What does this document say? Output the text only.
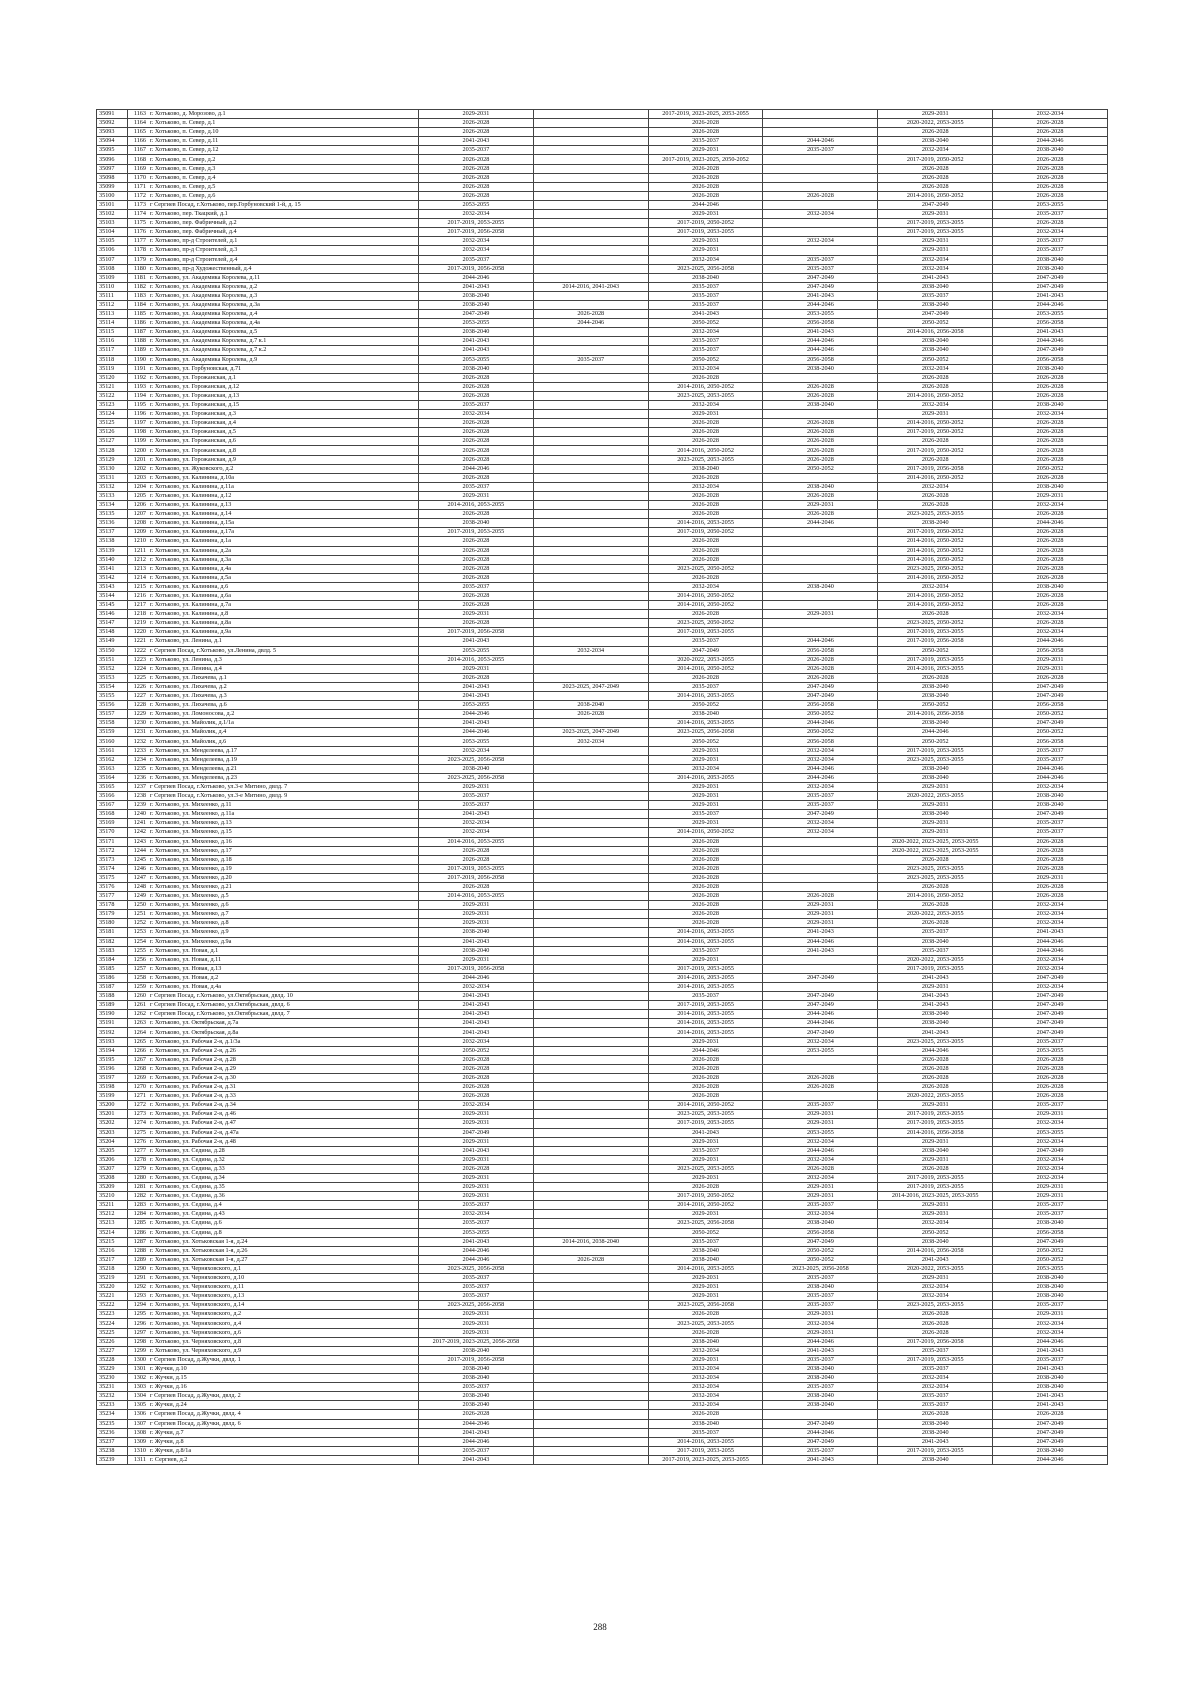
35091	1163	г. Хотьково, д. Морозово, д.1	2029-2031		2017-2019, 2023-2025, 2053-2055		2029-2031	2032-2034
35092	1164	г. Хотьково, п. Север, д.1	2026-2028		2026-2028		2020-2022, 2053-2055	2026-2028
35093	1165	г. Хотьково, п. Север, д.10	2026-2028		2026-2028		2026-2028	2026-2028
35094	1166	г. Хотьково, п. Север, д.11	2041-2043		2035-2037	2044-2046	2038-2040	2044-2046
35095	1167	г. Хотьково, п. Север, д.12	2035-2037		2029-2031	2035-2037	2032-2034	2038-2040
35096	1168	г. Хотьково, п. Север, д.2	2026-2028		2017-2019, 2023-2025, 2050-2052		2017-2019, 2050-2052	2026-2028
35097	1169	г. Хотьково, п. Север, д.3	2026-2028		2026-2028		2026-2028	2026-2028
35098	1170	г. Хотьково, п. Север, д.4	2026-2028		2026-2028		2026-2028	2026-2028
35099	1171	г. Хотьково, п. Север, д.5	2026-2028		2026-2028		2026-2028	2026-2028
35100	1172	г. Хотьково, п. Север, д.6	2026-2028		2026-2028	2026-2028	2014-2016, 2050-2052	2026-2028
35101	1173	г Сергиев Посад, г.Хотьково, пер.Горбуновский 1-й, д. 15	2053-2055		2044-2046		2047-2049	2053-2055
35102	1174	г. Хотьково, пер. Ткацкий, д.1	2032-2034		2029-2031	2032-2034	2029-2031	2035-2037
35103	1175	г. Хотьково, пер. Фабричный, д.2	2017-2019, 2053-2055		2017-2019, 2050-2052		2017-2019, 2053-2055	2026-2028
35104	1176	г. Хотьково, пер. Фабричный, д.4	2017-2019, 2056-2058		2017-2019, 2053-2055		2017-2019, 2053-2055	2032-2034
35105	1177	г. Хотьково, пр-д Строителей, д.1	2032-2034		2029-2031	2032-2034	2029-2031	2035-2037
35106	1178	г. Хотьково, пр-д Строителей, д.3	2032-2034		2029-2031		2029-2031	2035-2037
35107	1179	г. Хотьково, пр-д Строителей, д.4	2035-2037		2032-2034	2035-2037	2032-2034	2038-2040
35108	1180	г. Хотьково, пр-д Художественный, д.4	2017-2019, 2056-2058		2023-2025, 2056-2058	2035-2037	2032-2034	2038-2040
35109	1181	г. Хотьково, ул. Академика Королева, д.11	2044-2046		2038-2040	2047-2049	2041-2043	2047-2049
35110	1182	г. Хотьково, ул. Академика Королева, д.2	2041-2043	2014-2016, 2041-2043	2035-2037	2047-2049	2038-2040	2047-2049
35111	1183	г. Хотьково, ул. Академика Королева, д.3	2038-2040		2035-2037	2041-2043	2035-2037	2041-2043
35112	1184	г. Хотьково, ул. Академика Королева, д.3а	2038-2040		2035-2037	2044-2046	2038-2040	2044-2046
35113	1185	г. Хотьково, ул. Академика Королева, д.4	2047-2049	2026-2028	2041-2043	2053-2055	2047-2049	2053-2055
35114	1186	г. Хотьково, ул. Академика Королева, д.4а	2053-2055	2044-2046	2050-2052	2056-2058	2050-2052	2056-2058
35115	1187	г. Хотьково, ул. Академика Королева, д.5	2038-2040		2032-2034	2041-2043	2014-2016, 2056-2058	2041-2043
35116	1188	г. Хотьково, ул. Академика Королева, д.7 к.1	2041-2043		2035-2037	2044-2046	2038-2040	2044-2046
35117	1189	г. Хотьково, ул. Академика Королева, д.7 к.2	2041-2043		2035-2037	2044-2046	2038-2040	2047-2049
35118	1190	г. Хотьково, ул. Академика Королева, д.9	2053-2055	2035-2037	2050-2052	2056-2058	2050-2052	2056-2058
35119	1191	г. Хотьково, ул. Горбуновская, д.71	2038-2040		2032-2034	2038-2040	2032-2034	2038-2040
35120	1192	г. Хотьково, ул. Горожанская, д.1	2026-2028		2026-2028		2026-2028	2026-2028
35121	1193	г. Хотьково, ул. Горожанская, д.12	2026-2028		2014-2016, 2050-2052	2026-2028	2026-2028	2026-2028
35122	1194	г. Хотьково, ул. Горожанская, д.13	2026-2028		2023-2025, 2053-2055	2026-2028	2014-2016, 2050-2052	2026-2028
35123	1195	г. Хотьково, ул. Горожанская, д.15	2035-2037		2032-2034	2038-2040	2032-2034	2038-2040
35124	1196	г. Хотьково, ул. Горожанская, д.3	2032-2034		2029-2031		2029-2031	2032-2034
35125	1197	г. Хотьково, ул. Горожанская, д.4	2026-2028		2026-2028	2026-2028	2014-2016, 2050-2052	2026-2028
35126	1198	г. Хотьково, ул. Горожанская, д.5	2026-2028		2026-2028	2026-2028	2017-2019, 2050-2052	2026-2028
35127	1199	г. Хотьково, ул. Горожанская, д.6	2026-2028		2026-2028	2026-2028	2026-2028	2026-2028
35128	1200	г. Хотьково, ул. Горожанская, д.8	2026-2028		2014-2016, 2050-2052	2026-2028	2017-2019, 2050-2052	2026-2028
35129	1201	г. Хотьково, ул. Горожанская, д.9	2026-2028		2023-2025, 2053-2055	2026-2028	2026-2028	2026-2028
35130	1202	г. Хотьково, ул. Жуковского, д.2	2044-2046		2038-2040	2050-2052	2017-2019, 2056-2058	2050-2052
35131	1203	г. Хотьково, ул. Калинина, д.10а	2026-2028		2026-2028		2014-2016, 2050-2052	2026-2028
35132	1204	г. Хотьково, ул. Калинина, д.11а	2035-2037		2032-2034	2038-2040	2032-2034	2038-2040
35133	1205	г. Хотьково, ул. Калинина, д.12	2029-2031		2026-2028	2026-2028	2026-2028	2029-2031
35134	1206	г. Хотьково, ул. Калинина, д.13	2014-2016, 2053-2055		2026-2028	2029-2031	2026-2028	2032-2034
35135	1207	г. Хотьково, ул. Калинина, д.14	2026-2028		2026-2028	2026-2028	2023-2025, 2053-2055	2026-2028
35136	1208	г. Хотьково, ул. Калинина, д.15а	2038-2040		2014-2016, 2053-2055	2044-2046	2038-2040	2044-2046
35137	1209	г. Хотьково, ул. Калинина, д.17а	2017-2019, 2053-2055		2017-2019, 2050-2052		2017-2019, 2050-2052	2026-2028
35138	1210	г. Хотьково, ул. Калинина, д.1а	2026-2028		2026-2028		2014-2016, 2050-2052	2026-2028
35139	1211	г. Хотьково, ул. Калинина, д.2а	2026-2028		2026-2028		2014-2016, 2050-2052	2026-2028
35140	1212	г. Хотьково, ул. Калинина, д.3а	2026-2028		2026-2028		2014-2016, 2050-2052	2026-2028
35141	1213	г. Хотьково, ул. Калинина, д.4а	2026-2028		2023-2025, 2050-2052		2023-2025, 2050-2052	2026-2028
35142	1214	г. Хотьково, ул. Калинина, д.5а	2026-2028		2026-2028		2014-2016, 2050-2052	2026-2028
35143	1215	г. Хотьково, ул. Калинина, д.6	2035-2037		2032-2034	2038-2040	2032-2034	2038-2040
35144	1216	г. Хотьково, ул. Калинина, д.6а	2026-2028		2014-2016, 2050-2052		2014-2016, 2050-2052	2026-2028
35145	1217	г. Хотьково, ул. Калинина, д.7а	2026-2028		2014-2016, 2050-2052		2014-2016, 2050-2052	2026-2028
35146	1218	г. Хотьково, ул. Калинина, д.8	2029-2031		2026-2028	2029-2031	2026-2028	2032-2034
35147	1219	г. Хотьково, ул. Калинина, д.8а	2026-2028		2023-2025, 2050-2052		2023-2025, 2050-2052	2026-2028
35148	1220	г. Хотьково, ул. Калинина, д.9а	2017-2019, 2056-2058		2017-2019, 2053-2055		2017-2019, 2053-2055	2032-2034
35149	1221	г. Хотьково, ул. Ленина, д.1	2041-2043		2035-2037	2044-2046	2017-2019, 2056-2058	2044-2046
35150	1222	г Сергиев Посад, г.Хотьково, ул.Ленина, двлд. 5	2053-2055	2032-2034	2047-2049	2056-2058	2050-2052	2056-2058
35151	1223	г. Хотьково, ул. Ленина, д.3	2014-2016, 2053-2055		2020-2022, 2053-2055	2026-2028	2017-2019, 2053-2055	2029-2031
35152	1224	г. Хотьково, ул. Ленина, д.4	2029-2031		2014-2016, 2050-2052	2026-2028	2014-2016, 2053-2055	2029-2031
35153	1225	г. Хотьково, ул. Лихачева, д.1	2026-2028		2026-2028	2026-2028	2026-2028	2026-2028
35154	1226	г. Хотьково, ул. Лихачева, д.2	2041-2043	2023-2025, 2047-2049	2035-2037	2047-2049	2038-2040	2047-2049
35155	1227	г. Хотьково, ул. Лихачева, д.3	2041-2043		2014-2016, 2053-2055	2047-2049	2038-2040	2047-2049
35156	1228	г. Хотьково, ул. Лихачева, д.6	2053-2055	2038-2040	2050-2052	2056-2058	2050-2052	2056-2058
35157	1229	г. Хотьково, ул. Ломоносова, д.2	2044-2046	2026-2028	2038-2040	2050-2052	2014-2016, 2056-2058	2050-2052
35158	1230	г. Хотьково, ул. Майолик, д.1/1а	2041-2043		2014-2016, 2053-2055	2044-2046	2038-2040	2047-2049
35159	1231	г. Хотьково, ул. Майолик, д.4	2044-2046	2023-2025, 2047-2049	2023-2025, 2056-2058	2050-2052	2044-2046	2050-2052
35160	1232	г. Хотьково, ул. Майолик, д.6	2053-2055	2032-2034	2050-2052	2056-2058	2050-2052	2056-2058
35161	1233	г. Хотьково, ул. Менделеева, д.17	2032-2034		2029-2031	2032-2034	2017-2019, 2053-2055	2035-2037
35162	1234	г. Хотьково, ул. Менделеева, д.19	2023-2025, 2056-2058		2029-2031	2032-2034	2023-2025, 2053-2055	2035-2037
35163	1235	г. Хотьково, ул. Менделеева, д.21	2038-2040		2032-2034	2044-2046	2038-2040	2044-2046
35164	1236	г. Хотьково, ул. Менделеева, д.23	2023-2025, 2056-2058		2014-2016, 2053-2055	2044-2046	2038-2040	2044-2046
35165	1237	г Сергиев Посад, г.Хотьково, ул.3-е Митино, двлд. 7	2029-2031		2029-2031	2032-2034	2029-2031	2032-2034
35166	1238	г Сергиев Посад, г.Хотьково, ул.3-е Митино, двлд. 9	2035-2037		2029-2031	2035-2037	2020-2022, 2053-2055	2038-2040
35167	1239	г. Хотьково, ул. Михеенко, д.11	2035-2037		2029-2031	2035-2037	2029-2031	2038-2040
35168	1240	г. Хотьково, ул. Михеенко, д.11а	2041-2043		2035-2037	2047-2049	2038-2040	2047-2049
35169	1241	г. Хотьково, ул. Михеенко, д.13	2032-2034		2029-2031	2032-2034	2029-2031	2035-2037
35170	1242	г. Хотьково, ул. Михеенко, д.15	2032-2034		2014-2016, 2050-2052	2032-2034	2029-2031	2035-2037
35171	1243	г. Хотьково, ул. Михеенко, д.16	2014-2016, 2053-2055		2026-2028		2020-2022, 2023-2025, 2053-2055	2026-2028
35172	1244	г. Хотьково, ул. Михеенко, д.17	2026-2028		2026-2028		2020-2022, 2023-2025, 2053-2055	2026-2028
35173	1245	г. Хотьково, ул. Михеенко, д.18	2026-2028		2026-2028		2026-2028	2026-2028
35174	1246	г. Хотьково, ул. Михеенко, д.19	2017-2019, 2053-2055		2026-2028		2023-2025, 2053-2055	2026-2028
35175	1247	г. Хотьково, ул. Михеенко, д.20	2017-2019, 2056-2058		2026-2028		2023-2025, 2053-2055	2029-2031
35176	1248	г. Хотьково, ул. Михеенко, д.21	2026-2028		2026-2028		2026-2028	2026-2028
35177	1249	г. Хотьково, ул. Михеенко, д.5	2014-2016, 2053-2055		2026-2028	2026-2028	2014-2016, 2050-2052	2026-2028
35178	1250	г. Хотьково, ул. Михеенко, д.6	2029-2031		2026-2028	2029-2031	2026-2028	2032-2034
35179	1251	г. Хотьково, ул. Михеенко, д.7	2029-2031		2026-2028	2029-2031	2020-2022, 2053-2055	2032-2034
35180	1252	г. Хотьково, ул. Михеенко, д.8	2029-2031		2026-2028	2029-2031	2026-2028	2032-2034
35181	1253	г. Хотьково, ул. Михеенко, д.9	2038-2040		2014-2016, 2053-2055	2041-2043	2035-2037	2041-2043
35182	1254	г. Хотьково, ул. Михеенко, д.9а	2041-2043		2014-2016, 2053-2055	2044-2046	2038-2040	2044-2046
35183	1255	г. Хотьково, ул. Новая, д.1	2038-2040		2035-2037	2041-2043	2035-2037	2044-2046
35184	1256	г. Хотьково, ул. Новая, д.11	2029-2031		2029-2031		2020-2022, 2053-2055	2032-2034
35185	1257	г. Хотьково, ул. Новая, д.13	2017-2019, 2056-2058		2017-2019, 2053-2055		2017-2019, 2053-2055	2032-2034
35186	1258	г. Хотьково, ул. Новая, д.2	2044-2046		2014-2016, 2053-2055	2047-2049	2041-2043	2047-2049
35187	1259	г. Хотьково, ул. Новая, д.4а	2032-2034		2014-2016, 2053-2055		2029-2031	2032-2034
35188	1260	г Сергиев Посад, г.Хотьково, ул.Октябрьская, двлд. 10	2041-2043		2035-2037	2047-2049	2041-2043	2047-2049
35189	1261	г Сергиев Посад, г.Хотьково, ул.Октябрьская, двлд. 6	2041-2043		2017-2019, 2053-2055	2047-2049	2041-2043	2047-2049
35190	1262	г Сергиев Посад, г.Хотьково, ул.Октябрьская, двлд. 7	2041-2043		2014-2016, 2053-2055	2044-2046	2038-2040	2047-2049
35191	1263	г. Хотьково, ул. Октябрьская, д.7а	2041-2043		2014-2016, 2053-2055	2044-2046	2038-2040	2047-2049
35192	1264	г. Хотьково, ул. Октябрьская, д.8а	2041-2043		2014-2016, 2053-2055	2047-2049	2041-2043	2047-2049
35193	1265	г. Хотьково, ул. Рабочая 2-я, д.1/3а	2032-2034		2029-2031	2032-2034	2023-2025, 2053-2055	2035-2037
35194	1266	г. Хотьково, ул. Рабочая 2-я, д.26	2050-2052		2044-2046	2053-2055	2044-2046	2053-2055
35195	1267	г. Хотьково, ул. Рабочая 2-я, д.28	2026-2028		2026-2028		2026-2028	2026-2028
35196	1268	г. Хотьково, ул. Рабочая 2-я, д.29	2026-2028		2026-2028		2026-2028	2026-2028
35197	1269	г. Хотьково, ул. Рабочая 2-я, д.30	2026-2028		2026-2028	2026-2028	2026-2028	2026-2028
35198	1270	г. Хотьково, ул. Рабочая 2-я, д.31	2026-2028		2026-2028	2026-2028	2026-2028	2026-2028
35199	1271	г. Хотьково, ул. Рабочая 2-я, д.33	2026-2028		2026-2028		2020-2022, 2053-2055	2026-2028
35200	1272	г. Хотьково, ул. Рабочая 2-я, д.34	2032-2034		2014-2016, 2050-2052	2035-2037	2029-2031	2035-2037
35201	1273	г. Хотьково, ул. Рабочая 2-я, д.46	2029-2031		2023-2025, 2053-2055	2029-2031	2017-2019, 2053-2055	2029-2031
35202	1274	г. Хотьково, ул. Рабочая 2-я, д.47	2029-2031		2017-2019, 2053-2055	2029-2031	2017-2019, 2053-2055	2032-2034
35203	1275	г. Хотьково, ул. Рабочая 2-я, д.47а	2047-2049		2041-2043	2053-2055	2014-2016, 2056-2058	2053-2055
35204	1276	г. Хотьково, ул. Рабочая 2-я, д.48	2029-2031		2029-2031	2032-2034	2029-2031	2032-2034
35205	1277	г. Хотьково, ул. Седина, д.28	2041-2043		2035-2037	2044-2046	2038-2040	2047-2049
35206	1278	г. Хотьково, ул. Седина, д.32	2029-2031		2029-2031	2032-2034	2029-2031	2032-2034
35207	1279	г. Хотьково, ул. Седина, д.33	2026-2028		2023-2025, 2053-2055	2026-2028	2026-2028	2032-2034
35208	1280	г. Хотьково, ул. Седина, д.34	2029-2031		2029-2031	2032-2034	2017-2019, 2053-2055	2032-2034
35209	1281	г. Хотьково, ул. Седина, д.35	2029-2031		2026-2028	2029-2031	2017-2019, 2053-2055	2029-2031
35210	1282	г. Хотьково, ул. Седина, д.36	2029-2031		2017-2019, 2050-2052	2029-2031	2014-2016, 2023-2025, 2053-2055	2029-2031
35211	1283	г. Хотьково, ул. Седина, д.4	2035-2037		2014-2016, 2050-2052	2035-2037	2029-2031	2035-2037
35212	1284	г. Хотьково, ул. Седина, д.43	2032-2034		2029-2031	2032-2034	2029-2031	2035-2037
35213	1285	г. Хотьково, ул. Седина, д.6	2035-2037		2023-2025, 2056-2058	2038-2040	2032-2034	2038-2040
35214	1286	г. Хотьково, ул. Седина, д.8	2053-2055		2050-2052	2056-2058	2050-2052	2056-2058
35215	1287	г. Хотьково, ул. Хотьковская 1-я, д.24	2041-2043	2014-2016, 2038-2040	2035-2037	2047-2049	2038-2040	2047-2049
35216	1288	г. Хотьково, ул. Хотьковская 1-я, д.26	2044-2046		2038-2040	2050-2052	2014-2016, 2056-2058	2050-2052
35217	1289	г. Хотьково, ул. Хотьковская 1-я, д.27	2044-2046	2026-2028	2038-2040	2050-2052	2041-2043	2050-2052
35218	1290	г. Хотьково, ул. Черняховского, д.1	2023-2025, 2056-2058		2014-2016, 2053-2055	2023-2025, 2056-2058	2020-2022, 2053-2055	2053-2055
35219	1291	г. Хотьково, ул. Черняховского, д.10	2035-2037		2029-2031	2035-2037	2029-2031	2038-2040
35220	1292	г. Хотьково, ул. Черняховского, д.11	2035-2037		2029-2031	2038-2040	2032-2034	2038-2040
35221	1293	г. Хотьково, ул. Черняховского, д.13	2035-2037		2029-2031	2035-2037	2032-2034	2038-2040
35222	1294	г. Хотьково, ул. Черняховского, д.14	2023-2025, 2056-2058		2023-2025, 2056-2058	2035-2037	2023-2025, 2053-2055	2035-2037
35223	1295	г. Хотьково, ул. Черняховского, д.2	2029-2031		2026-2028	2029-2031	2026-2028	2029-2031
35224	1296	г. Хотьково, ул. Черняховского, д.4	2029-2031		2023-2025, 2053-2055	2032-2034	2026-2028	2032-2034
35225	1297	г. Хотьково, ул. Черняховского, д.6	2029-2031		2026-2028	2029-2031	2026-2028	2032-2034
35226	1298	г. Хотьково, ул. Черняховского, д.8	2017-2019, 2023-2025, 2056-2058		2038-2040	2044-2046	2017-2019, 2056-2058	2044-2046
35227	1299	г. Хотьково, ул. Черняховского, д.9	2038-2040		2032-2034	2041-2043	2035-2037	2041-2043
35228	1300	г Сергиев Посад, д.Жучки, двлд. 1	2017-2019, 2056-2058		2029-2031	2035-2037	2017-2019, 2053-2055	2035-2037
35229	1301	г. Жучки, д.10	2038-2040		2032-2034	2038-2040	2035-2037	2041-2043
35230	1302	г. Жучки, д.15	2038-2040		2032-2034	2038-2040	2032-2034	2038-2040
35231	1303	г. Жучки, д.16	2035-2037		2032-2034	2035-2037	2032-2034	2038-2040
35232	1304	г Сергиев Посад, д.Жучки, двлд. 2	2038-2040		2032-2034	2038-2040	2035-2037	2041-2043
35233	1305	г. Жучки, д.24	2038-2040		2032-2034	2038-2040	2035-2037	2041-2043
35234	1306	г Сергиев Посад, д.Жучки, двлд. 4	2026-2028		2026-2028		2026-2028	2026-2028
35235	1307	г Сергиев Посад, д.Жучки, двлд. 6	2044-2046		2038-2040	2047-2049	2038-2040	2047-2049
35236	1308	г. Жучки, д.7	2041-2043		2035-2037	2044-2046	2038-2040	2047-2049
35237	1309	г. Жучки, д.8	2044-2046		2014-2016, 2053-2055	2047-2049	2041-2043	2047-2049
35238	1310	г. Жучки, д.8/1а	2035-2037		2017-2019, 2053-2055	2035-2037	2017-2019, 2053-2055	2038-2040
35239	1311	г. Сергиев, д.2	2041-2043		2017-2019, 2023-2025, 2053-2055	2041-2043	2038-2040	2044-2046
288
